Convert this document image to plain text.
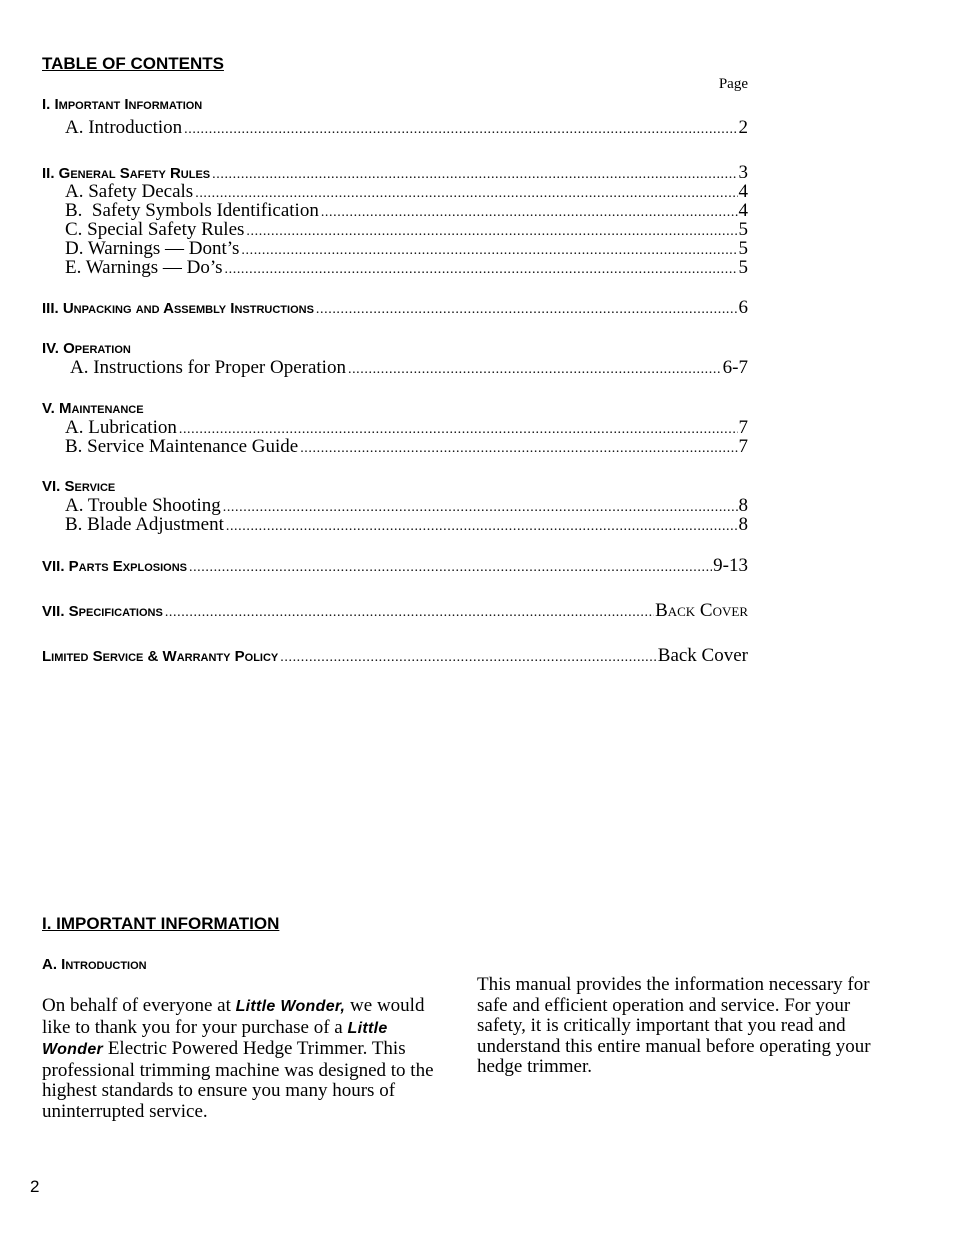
TABLE OF CONTENTS
Page
I. Important Information
A. Introduction .....	2
II. General Safety Rules .....	3
A. Safety Decals .....	4
B.  Safety Symbols Identification .....	4
C. Special Safety Rules .....	5
D. Warnings — Dont’s .....	5
E. Warnings — Do’s .....	5
III. Unpacking and Assembly Instructions .....	6
IV. Operation
A. Instructions for Proper Operation .....	6-7
V. Maintenance
A. Lubrication .....	7
B. Service Maintenance Guide .....	7
VI. Service
A. Trouble Shooting .....	8
B. Blade Adjustment .....	8
VII. Parts Explosions .....	9-13
VII. Specifications .....	Back Cover
Limited Service & Warranty Policy .....	Back Cover
I. IMPORTANT INFORMATION
A. Introduction
On behalf of everyone at Little Wonder, we would like to thank you for your purchase of a Little Wonder Electric Powered Hedge Trimmer. This professional trimming machine was designed to the highest standards to ensure you many hours of uninterrupted service.
This manual provides the information necessary for safe and efficient operation and service. For your safety, it is critically important that you read and understand this entire manual before operating your hedge trimmer.
2
